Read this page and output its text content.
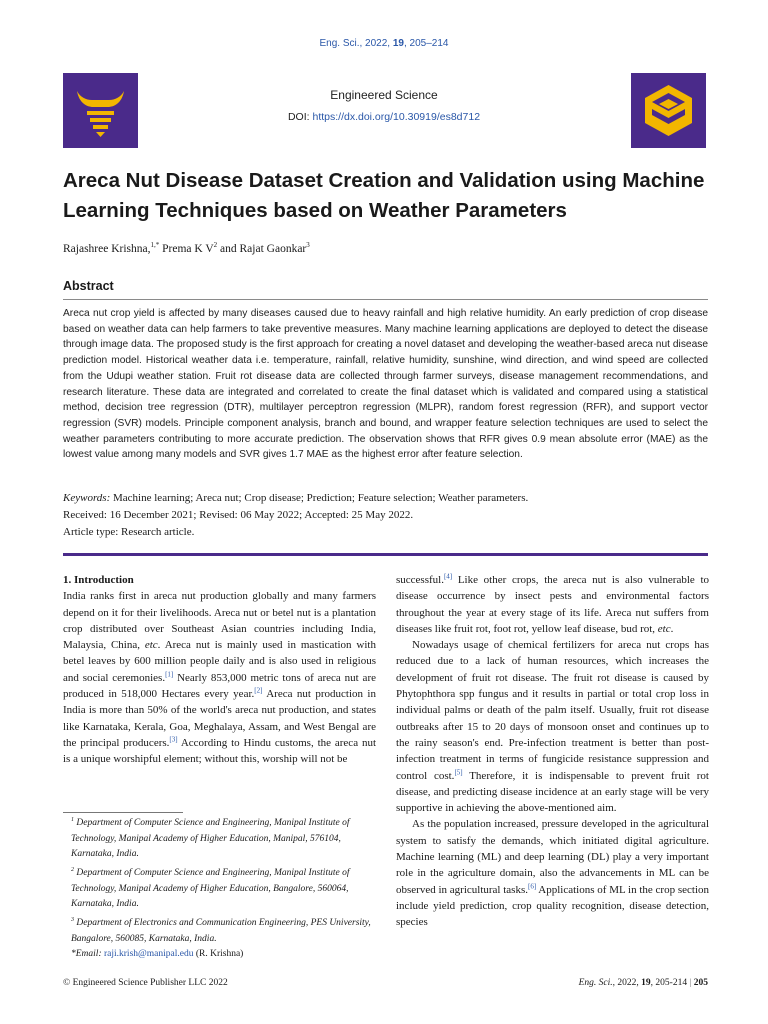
Eng. Sci., 2022, 19, 205–214
Engineered Science
DOI: https://dx.doi.org/10.30919/es8d712
Areca Nut Disease Dataset Creation and Validation using Machine Learning Techniques based on Weather Parameters
Rajashree Krishna,$^{1,*}$ Prema K $V^2$ and Rajat Gaonkar$^3$
Abstract
Areca nut crop yield is affected by many diseases caused due to heavy rainfall and high relative humidity. An early prediction of crop disease based on weather data can help farmers to take preventive measures. Many machine learning applications are deployed to detect the disease through image data. The proposed study is the first approach for creating a novel dataset and developing the weather-based areca nut disease prediction model. Historical weather data i.e. temperature, rainfall, relative humidity, sunshine, wind direction, and wind speed are collected from the Udupi weather station. Fruit rot disease data are collected through farmer surveys, disease management recommendations, and research literature. These data are integrated and correlated to create the final dataset which is validated and compared using a statistical method, decision tree regression (DTR), multilayer perceptron regression (MLPR), random forest regression (RFR), and support vector regression (SVR) models. Principle component analysis, branch and bound, and wrapper feature selection techniques are used to select the weather parameters contributing to more accurate prediction. The observation shows that RFR gives 0.9 mean absolute error (MAE) as the lowest value among many models and SVR gives 1.7 MAE as the highest error after feature selection.
Keywords: Machine learning; Areca nut; Crop disease; Prediction; Feature selection; Weather parameters.
Received: 16 December 2021; Revised: 06 May 2022; Accepted: 25 May 2022.
Article type: Research article.

1. Introduction

India ranks first in areca nut production globally and many farmers depend on it for their livelihoods. Areca nut or betel nut is a plantation crop distributed over Southeast Asian countries including India, Malaysia, China, etc. Areca nut is mainly used in mastication with betel leaves by 600 million people daily and is also used in religious and social ceremonies.[1] Nearly 853,000 metric tons of areca nut are produced in 518,000 Hectares every year.[2] Areca nut production in India is more than 50% of the world's areca nut production, and states like Karnataka, Kerala, Goa, Meghalaya, Assam, and West Bengal are the principal producers.[3] According to Hindu customs, the areca nut is a unique worshipful element; without this, worship will not be

$^1$ Department of Computer Science and Engineering, Manipal Institute of Technology, Manipal Academy of Higher Education, Manipal, 576104, Karnataka, India.

$^2$ Department of Computer Science and Engineering, Manipal Institute of Technology, Manipal Academy of Higher Education, Bangalore, 560064, Karnataka, India.

$^3$ Department of Electronics and Communication Engineering, PES University, Bangalore, 560085, Karnataka, India.

*Email: raji.krish@manipal.edu (R. Krishna)

successful.[4] Like other crops, the areca nut is also vulnerable to disease occurrence by insect pests and environmental factors throughout the year at every stage of its life. Areca nut suffers from diseases like fruit rot, foot rot, yellow leaf disease, bud rot, etc.

Nowadays usage of chemical fertilizers for areca nut crops has reduced due to a lack of human resources, which increases the development of fruit rot disease. The fruit rot disease is caused by Phytophthora spp fungus and it results in partial or total crop loss in individual palms or death of the palm itself. Usually, fruit rot disease outbreaks after 15 to 20 days of monsoon onset and continues up to the rainy season's end. Pre-infection treatment is better than post-infection treatment in terms of fungicide resistance suppression and control cost.[5] Therefore, it is indispensable to prevent fruit rot disease, and predicting disease incidence at an early stage will be very supportive in achieving the above-mentioned aim.

As the population increased, pressure developed in the agricultural system to satisfy the demands, which initiated digital agriculture. Machine learning (ML) and deep learning (DL) play a very important role in the agriculture domain, also the advancements in ML can be observed in agricultural tasks.[6] Applications of ML in the crop section include yield prediction, crop quality recognition, disease detection, species

© Engineered Science Publisher LLC 2022	Eng. Sci., 2022, 19, 205-214 | 205
